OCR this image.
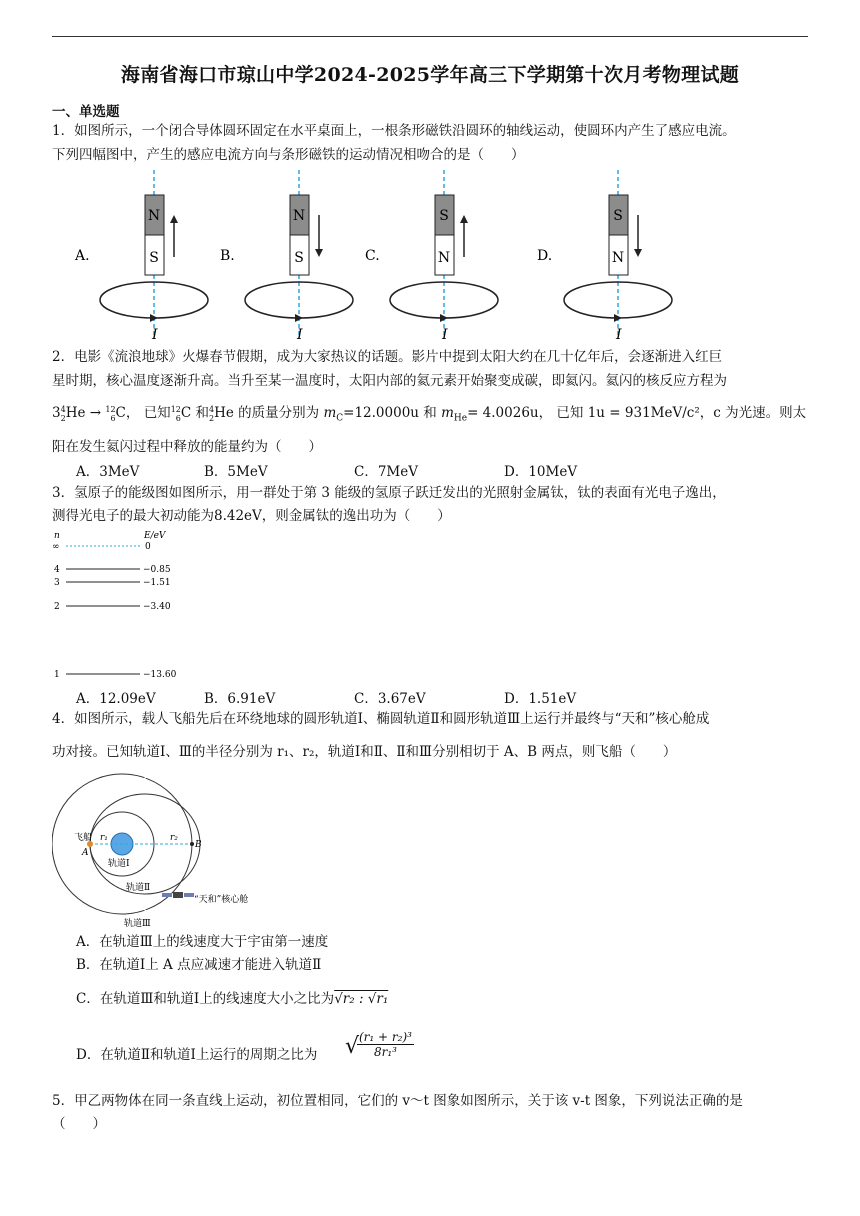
海南省海口市琼山中学2024-2025学年高三下学期第十次月考物理试题
一、单选题
1．如图所示，一个闭合导体圆环固定在水平桌面上，一根条形磁铁沿圆环的轴线运动，使圆环内产生了感应电流。
下列四幅图中，产生的感应电流方向与条形磁铁的运动情况相吻合的是（　　）
A.
N
S
I
B.
N
S
I
C.
S
N
I
D.
S
N
I
2．电影《流浪地球》火爆春节假期，成为大家热议的话题。影片中提到太阳大约在几十亿年后，会逐渐进入红巨
星时期，核心温度逐渐升高。当升至某一温度时，太阳内部的氦元素开始聚变成碳，即氦闪。氦闪的核反应方程为
34
2He → 12
6C， 已知12
6C 和4
2He 的质量分别为 $m_C=12.0000u$ 和 $m_{He}= 4.0026u$， 已知 1u = 931MeV/c²，c 为光速。则太
阳在发生氦闪过程中释放的能量约为（　　）
A．3MeV	B．5MeV	C．7MeV	D．10MeV
3．氢原子的能级图如图所示，用一群处于第 3 能级的氢原子跃迁发出的光照射金属钛，钛的表面有光电子逸出，
测得光电子的最大初动能为8.42eV，则金属钛的逸出功为（　　）
n	E/eV
∞	0
4	−0.85
3	−1.51
2	−3.40
1	−13.60
A．12.09eV	B．6.91eV	C．3.67eV	D．1.51eV
4．如图所示，载人飞船先后在环绕地球的圆形轨道Ⅰ、椭圆轨道Ⅱ和圆形轨道Ⅲ上运行并最终与“天和”核心舱成
功对接。已知轨道Ⅰ、Ⅲ的半径分别为 r₁、r₂，轨道Ⅰ和Ⅱ、Ⅱ和Ⅲ分别相切于 A、B 两点，则飞船（　　）
飞船
A
B
r₁	r₂
轨道Ⅰ
轨道Ⅱ
“天和”核心舱
轨道Ⅲ
A．在轨道Ⅲ上的线速度大于宇宙第一速度
B．在轨道Ⅰ上 A 点应减速才能进入轨道Ⅱ
C．在轨道Ⅲ和轨道Ⅰ上的线速度大小之比为√r₂ : √r₁
D．在轨道Ⅱ和轨道Ⅰ上运行的周期之比为	√ (r₁ + r₂)³
8r₁³
5．甲乙两物体在同一条直线上运动，初位置相同，它们的 v～t 图象如图所示，关于该 v-t 图象，下列说法正确的是
（　　）
